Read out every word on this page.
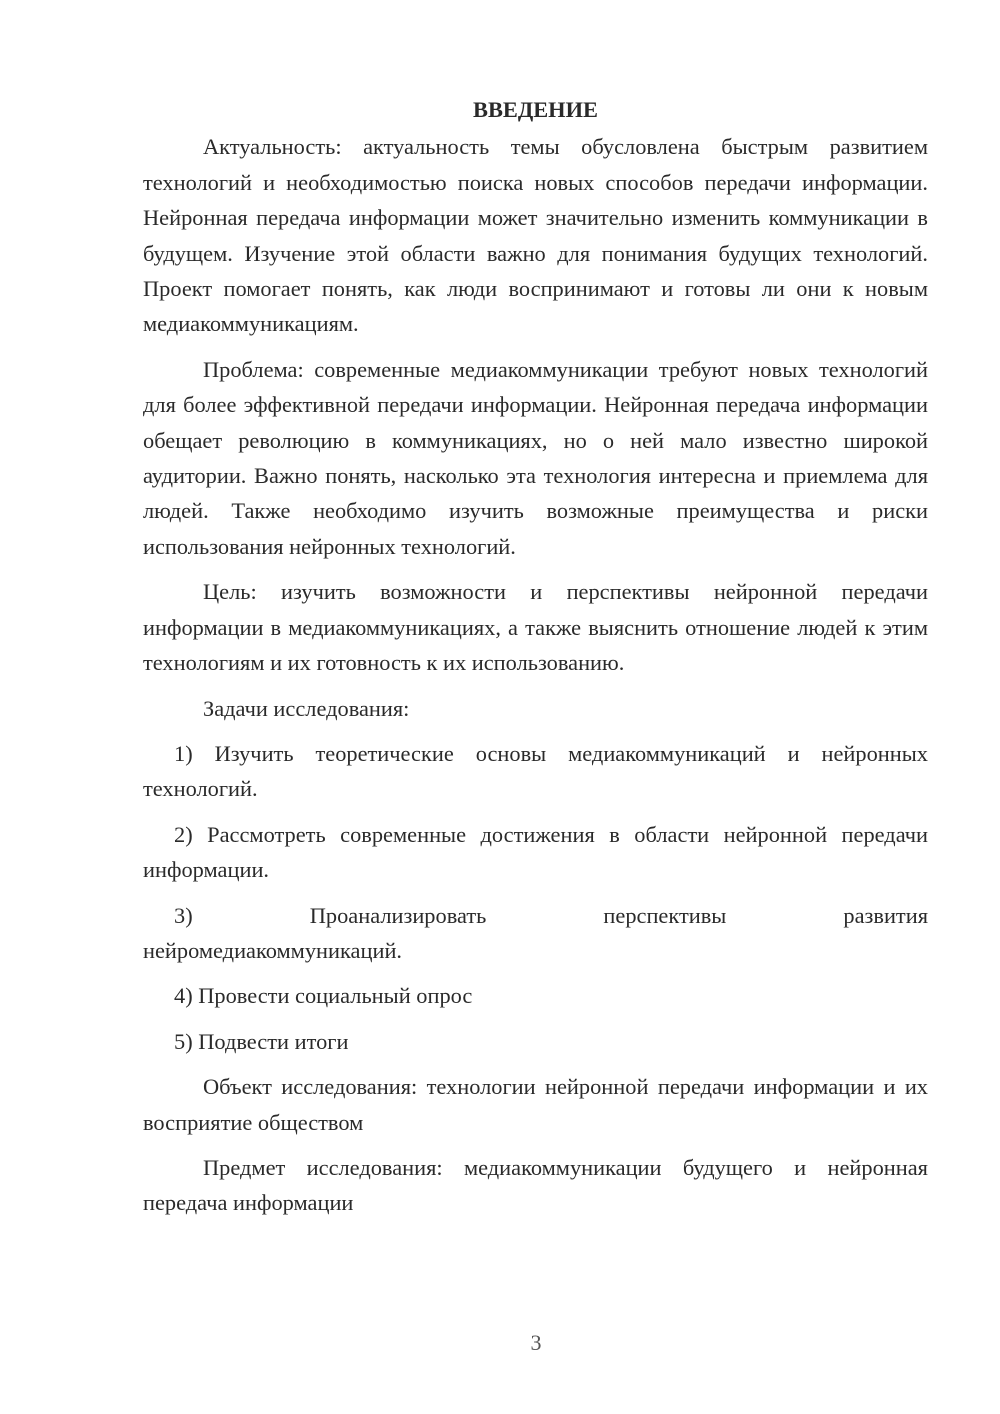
ВВЕДЕНИЕ

Актуальность: актуальность темы обусловлена быстрым развитием технологий и необходимостью поиска новых способов передачи информации. Нейронная передача информации может значительно изменить коммуникации в будущем. Изучение этой области важно для понимания будущих технологий. Проект помогает понять, как люди воспринимают и готовы ли они к новым медиакоммуникациям.

Проблема: современные медиакоммуникации требуют новых технологий для более эффективной передачи информации. Нейронная передача информации обещает революцию в коммуникациях, но о ней мало известно широкой аудитории. Важно понять, насколько эта технология интересна и приемлема для людей. Также необходимо изучить возможные преимущества и риски использования нейронных технологий.

Цель: изучить возможности и перспективы нейронной передачи информации в медиакоммуникациях, а также выяснить отношение людей к этим технологиям и их готовность к их использованию.

Задачи исследования:

1) Изучить теоретические основы медиакоммуникаций и нейронных технологий.

2) Рассмотреть современные достижения в области нейронной передачи информации.

3) Проанализировать перспективы развития нейромедиакоммуникаций.

4) Провести социальный опрос

5) Подвести итоги

Объект исследования: технологии нейронной передачи информации и их восприятие обществом

Предмет исследования: медиакоммуникации будущего и нейронная передача информации

3
